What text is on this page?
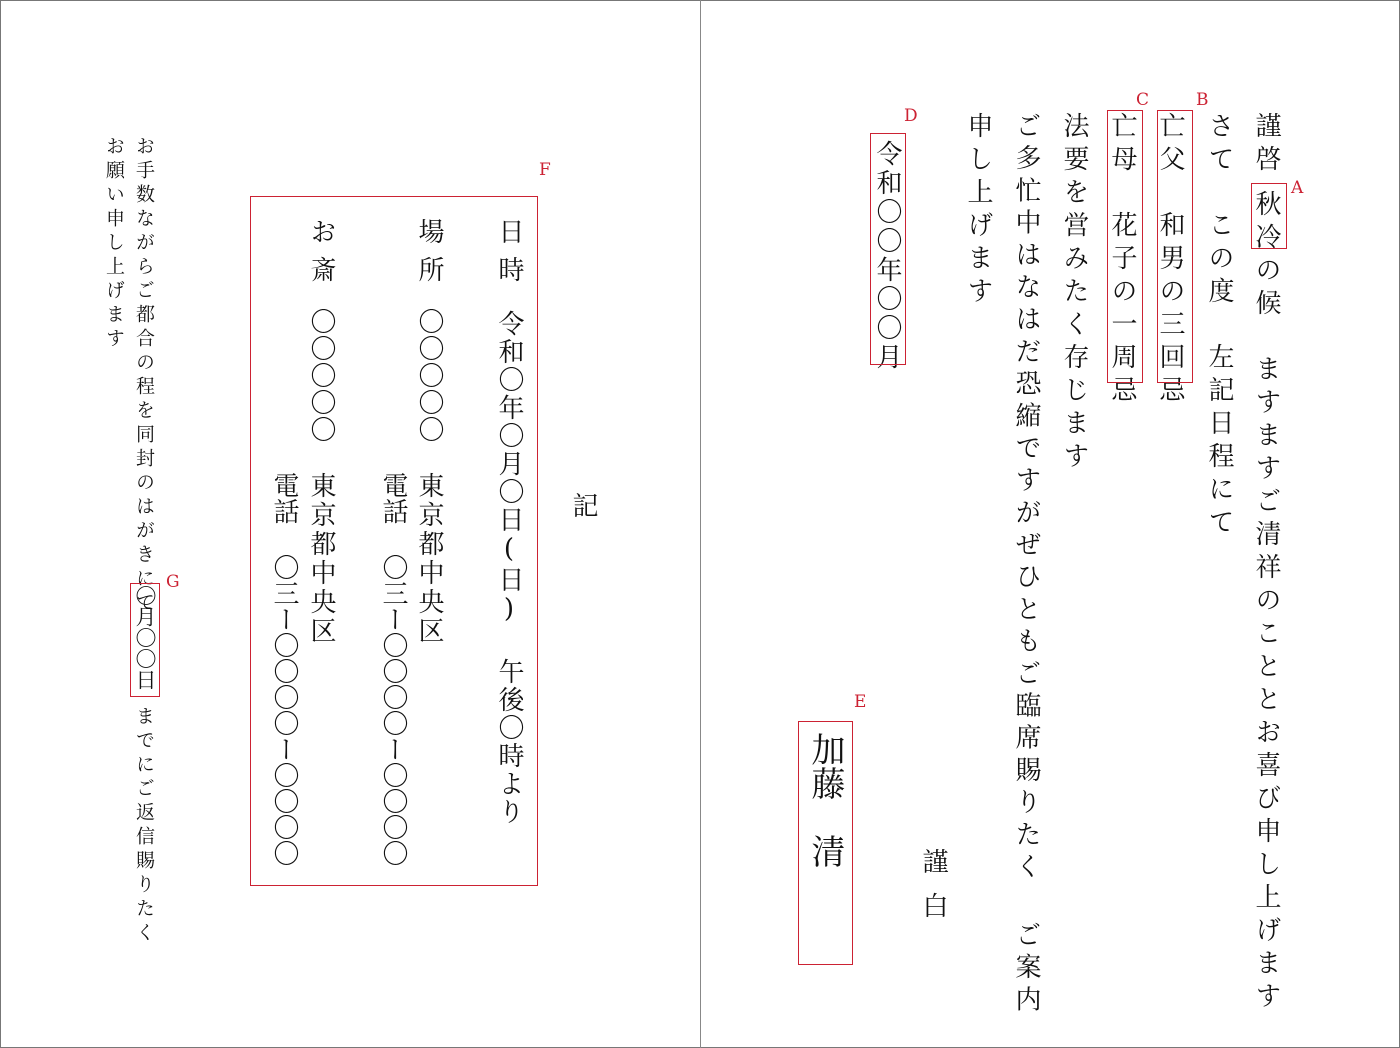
謹啓
秋冷の候　ますますご清祥のこととお喜び申し上げます
さて　この度　左記日程にて
亡父　和男の三回忌
亡母　花子の一周忌
法要を営みたく存じます
ご多忙中はなはだ恐縮ですがぜひともご臨席賜りたく ご案内
申し上げます
令和〇〇年〇〇月
謹白
加藤　清
A
B
C
D
E
記
F
日時
令和〇年〇月〇日(日) 午後〇時より
場所
〇〇〇〇〇
東京都中央区
電話 〇三ー〇〇〇〇ー〇〇〇〇
お斎
〇〇〇〇〇
東京都中央区
電話 〇三ー〇〇〇〇ー〇〇〇〇
お手数ながらご都合の程を同封のはがきにて
〇月〇〇日
までにご返信賜りたく
お願い申し上げます
G
